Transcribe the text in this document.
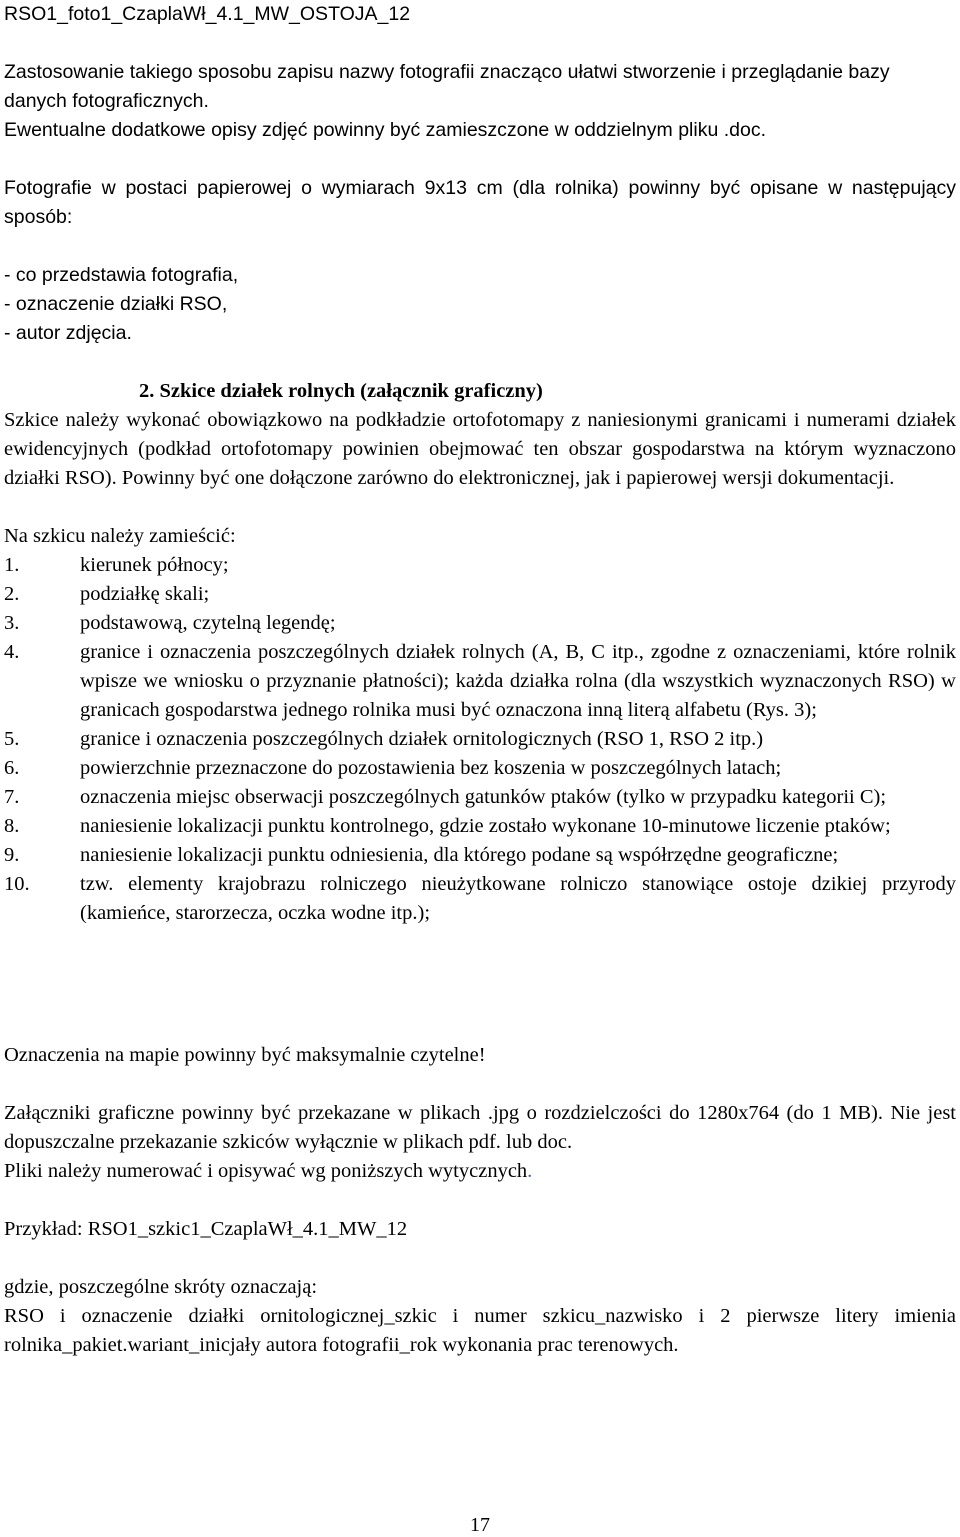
RSO1_foto1_CzaplaWł_4.1_MW_OSTOJA_12

Zastosowanie takiego sposobu zapisu nazwy fotografii znacząco ułatwi stworzenie i przeglądanie bazy danych fotograficznych.

Ewentualne dodatkowe opisy zdjęć powinny być zamieszczone w oddzielnym pliku .doc.

Fotografie w postaci papierowej o wymiarach 9x13 cm (dla rolnika) powinny być opisane w następujący sposób:
- co przedstawia fotografia,
- oznaczenie działki RSO,
- autor zdjęcia.
2. Szkice działek rolnych (załącznik graficzny)
Szkice należy wykonać obowiązkowo na podkładzie ortofotomapy z naniesionymi granicami i numerami działek ewidencyjnych (podkład ortofotomapy powinien obejmować ten obszar gospodarstwa na którym wyznaczono działki RSO). Powinny być one dołączone zarówno do elektronicznej, jak i papierowej wersji dokumentacji.
Na szkicu należy zamieścić:
1.	kierunek północy;
2.	podziałkę skali;
3.	podstawową, czytelną legendę;
4.	granice i oznaczenia poszczególnych działek rolnych (A, B, C itp., zgodne z oznaczeniami, które rolnik wpisze we wniosku o przyznanie płatności); każda działka rolna (dla wszystkich wyznaczonych RSO) w granicach gospodarstwa jednego rolnika musi być oznaczona inną literą alfabetu (Rys. 3);
5.	granice i oznaczenia poszczególnych działek ornitologicznych (RSO 1, RSO 2 itp.)
6.	powierzchnie przeznaczone do pozostawienia bez koszenia w poszczególnych latach;
7.	oznaczenia miejsc obserwacji poszczególnych gatunków ptaków (tylko w przypadku kategorii C);
8.	naniesienie lokalizacji punktu kontrolnego, gdzie zostało wykonane 10-minutowe liczenie ptaków;
9.	naniesienie lokalizacji punktu odniesienia, dla którego podane są współrzędne geograficzne;
10. tzw. elementy krajobrazu rolniczego nieużytkowane rolniczo stanowiące ostoje dzikiej przyrody (kamieńce, starorzecza, oczka wodne itp.);
Oznaczenia na mapie powinny być maksymalnie czytelne!
Załączniki graficzne powinny być przekazane w plikach .jpg o rozdzielczości do 1280x764 (do 1 MB). Nie jest dopuszczalne przekazanie szkiców wyłącznie w plikach pdf. lub doc.
Pliki należy numerować i opisywać wg poniższych wytycznych.
Przykład: RSO1_szkic1_CzaplaWł_4.1_MW_12
gdzie, poszczególne skróty oznaczają:
RSO i oznaczenie działki ornitologicznej_szkic i numer szkicu_nazwisko i 2 pierwsze litery imienia rolnika_pakiet.wariant_inicjały autora fotografii_rok wykonania prac terenowych.
17
